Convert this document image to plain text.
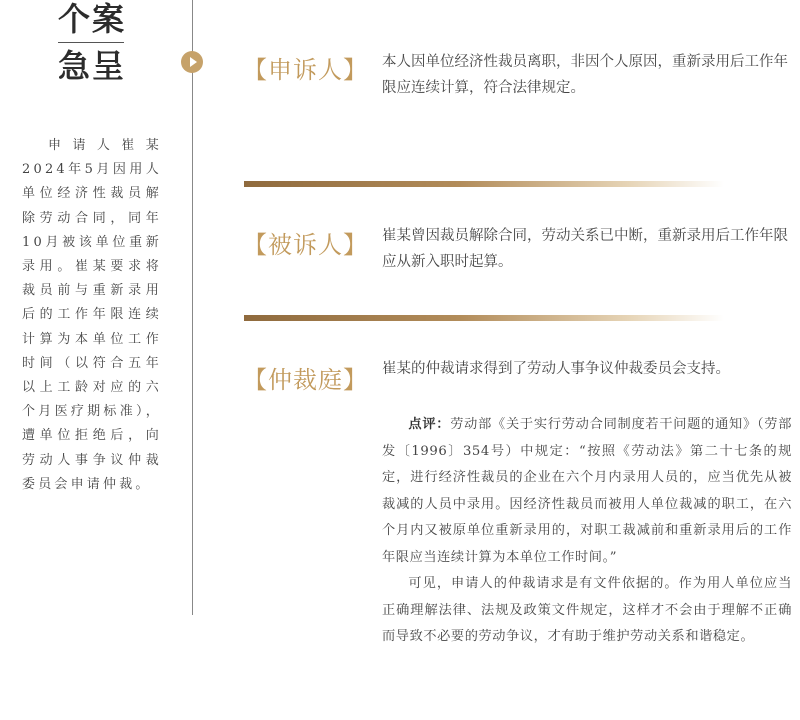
个案
急呈
申请人崔某2024年5月因用人单位经济性裁员解除劳动合同，同年10月被该单位重新录用。崔某要求将裁员前与重新录用后的工作年限连续计算为本单位工作时间（以符合五年以上工龄对应的六个月医疗期标准），遭单位拒绝后，向劳动人事争议仲裁委员会申请仲裁。
【申诉人】 本人因单位经济性裁员离职，非因个人原因，重新录用后工作年限应连续计算，符合法律规定。
【被诉人】 崔某曾因裁员解除合同，劳动关系已中断，重新录用后工作年限应从新入职时起算。
【仲裁庭】 崔某的仲裁请求得到了劳动人事争议仲裁委员会支持。

点评：劳动部《关于实行劳动合同制度若干问题的通知》（劳部发〔1996〕354号）中规定：“按照《劳动法》第二十七条的规定，进行经济性裁员的企业在六个月内录用人员的，应当优先从被裁减的人员中录用。因经济性裁员而被用人单位裁减的职工，在六个月内又被原单位重新录用的，对职工裁减前和重新录用后的工作年限应当连续计算为本单位工作时间。”

可见，申请人的仲裁请求是有文件依据的。作为用人单位应当正确理解法律、法规及政策文件规定，这样才不会由于理解不正确而导致不必要的劳动争议，才有助于维护劳动关系和谐稳定。
